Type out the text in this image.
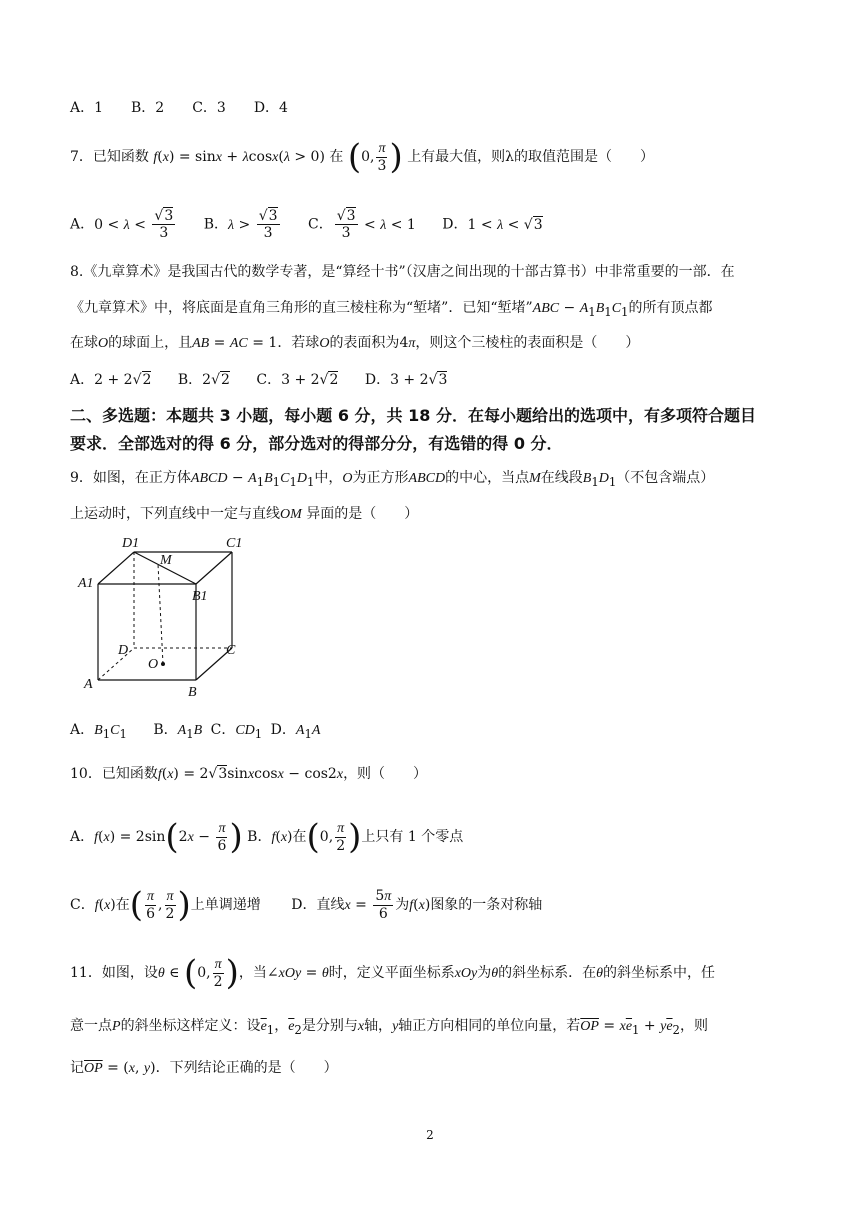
A．1　　B．2　　C．3　　D．4
7．已知函数 f(x) = sinx + λcosx(λ > 0) 在 (0, $\frac{\pi}{3}$ ) 上有最大值，则λ的取值范围是（　　）
A．$0 < \lambda < \frac{√3}{3}$ B．$\lambda > \frac{√3}{3}$ C． $\frac{√3}{3} < \lambda < 1$ D．1 < λ < √3
8.《九章算术》是我国古代的数学专著，是“算经十书”（汉唐之间出现的十部古算书）中非常重要的一部．在
《九章算术》中，将底面是直角三角形的直三棱柱称为“堑堵”．已知“堑堵”ABC − $A_1B_1C_1$的所有顶点都
在球O的球面上，且AB = AC = 1．若球O的表面积为4π，则这个三棱柱的表面积是（　　）
A．2 + 2√2 B．2√2 C．3 + 2√2 D．3 + 2√3
二、多选题：本题共 3 小题，每小题 6 分，共 18 分．在每小题给出的选项中，有多项符合题目
要求．全部选对的得 6 分，部分选对的得部分分，有选错的得 0 分．
9．如图，在正方体ABCD − $A_1B_1C_1D_1$中，O为正方形ABCD的中心，当点M在线段$B_1D_1$（不包含端点）
上运动时，下列直线中一定与直线OM 异面的是（　　）
D1	C1
M
A1
B1
D	C
O
A
B
A．$B_1C_1$ B．$A_1B$ C．$CD_1$ D．$A_1A$
10．已知函数f(x) = 2√3sinxcosx − cos2x，则（　　）
A．$f(x) = 2\sin(2x - \frac{\pi}{6}$ ) B．f(x)在(0, $\frac{\pi}{2}$ )上只有 1 个零点
C．f(x)在( $\frac{\pi}{6}$ , $\frac{\pi}{2}$ )上单调递增 D．直线$x = \frac{5\pi}{6}$ 为f(x)图象的一条对称轴
11．如图，设θ ∈ (0, $\frac{\pi}{2}$ )，当∠xOy = θ时，定义平面坐标系xOy为θ的斜坐标系．在θ的斜坐标系中，任
意一点P的斜坐标这样定义：设$\overline{e}_1$，$\overline{e}_2$是分别与x轴，y轴正方向相同的单位向量，若$\overline{OP} = x\overline{e}_1 + y\overline{e}_2$，则
记$\overline{OP} = (x$, y)．下列结论正确的是（　　）
2
